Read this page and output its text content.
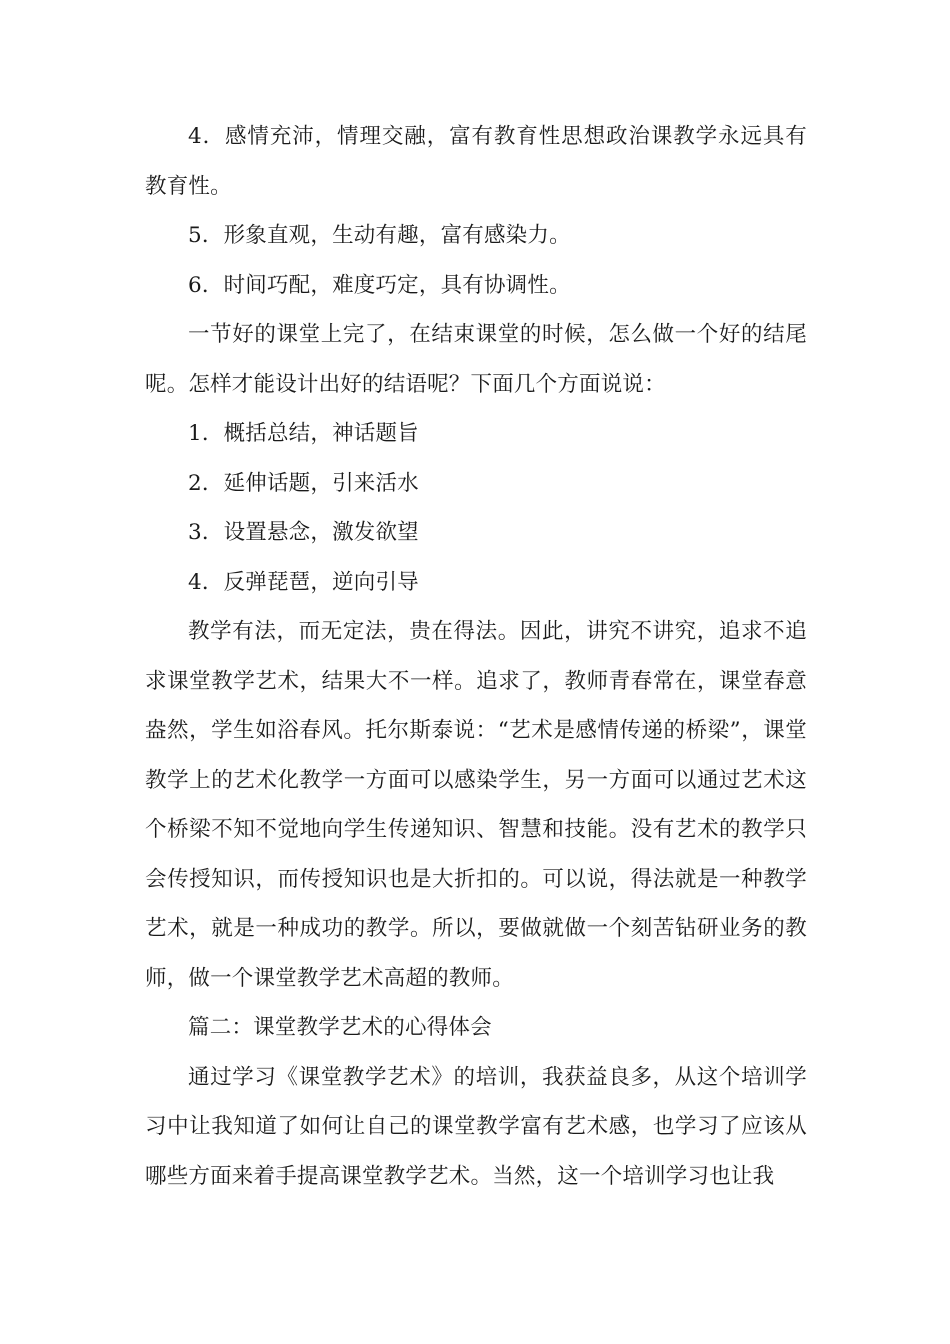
4．感情充沛，情理交融，富有教育性思想政治课教学永远具有教育性。

5．形象直观，生动有趣，富有感染力。

6．时间巧配，难度巧定，具有协调性。

一节好的课堂上完了，在结束课堂的时候，怎么做一个好的结尾呢。怎样才能设计出好的结语呢？下面几个方面说说：

1．概括总结，神话题旨

2．延伸话题，引来活水

3．设置悬念，激发欲望

4．反弹琵琶，逆向引导

教学有法，而无定法，贵在得法。因此，讲究不讲究，追求不追求课堂教学艺术，结果大不一样。追求了，教师青春常在，课堂春意盎然，学生如浴春风。托尔斯泰说：“艺术是感情传递的桥梁”，课堂教学上的艺术化教学一方面可以感染学生，另一方面可以通过艺术这个桥梁不知不觉地向学生传递知识、智慧和技能。没有艺术的教学只会传授知识，而传授知识也是大折扣的。可以说，得法就是一种教学艺术，就是一种成功的教学。所以，要做就做一个刻苦钻研业务的教师，做一个课堂教学艺术高超的教师。

篇二：课堂教学艺术的心得体会

通过学习《课堂教学艺术》的培训，我获益良多，从这个培训学习中让我知道了如何让自己的课堂教学富有艺术感，也学习了应该从哪些方面来着手提高课堂教学艺术。当然，这一个培训学习也让我
